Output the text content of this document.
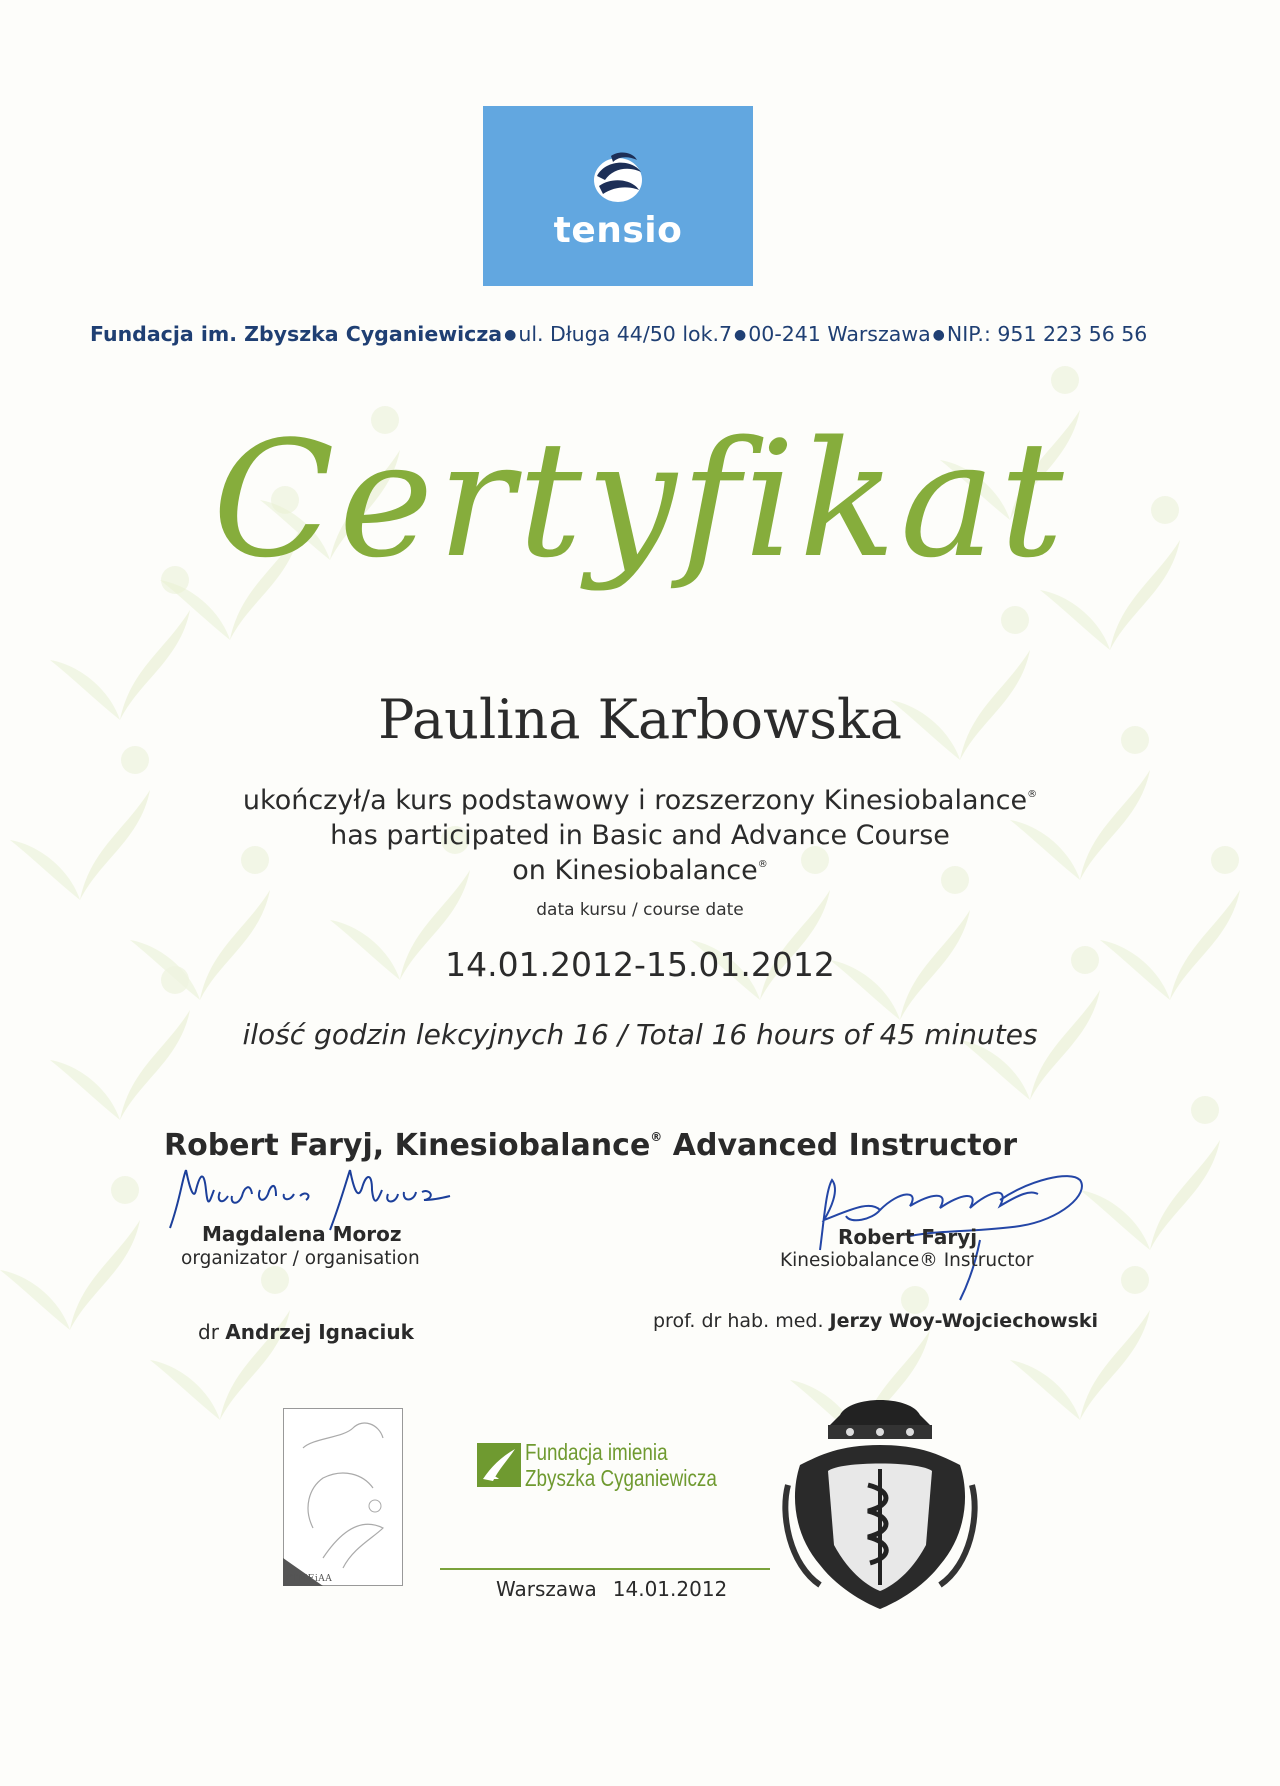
tensio
Fundacja im. Zbyszka Cyganiewicza ●ul. Długa 44/50 lok.7 ●00-241 Warszawa ●NIP.: 951 223 56 56
Certyfikat
Paulina Karbowska
ukończył/a kurs podstawowy i rozszerzony Kinesiobalance®
has participated in Basic and Advance Course
on Kinesiobalance®
data kursu / course date
14.01.2012-15.01.2012
ilość godzin lekcyjnych 16 / Total 16 hours of 45 minutes
Robert Faryj, Kinesiobalance® Advanced Instructor
Magdalena Moroz
organizator / organisation
Robert Faryj
Kinesiobalance® Instructor
dr Andrzej Ignaciuk	prof. dr hab. med. Jerzy Woy-Wojciechowski
PTMEiAA
Fundacja imienia
Zbyszka Cyganiewicza
Warszawa 14.01.2012
